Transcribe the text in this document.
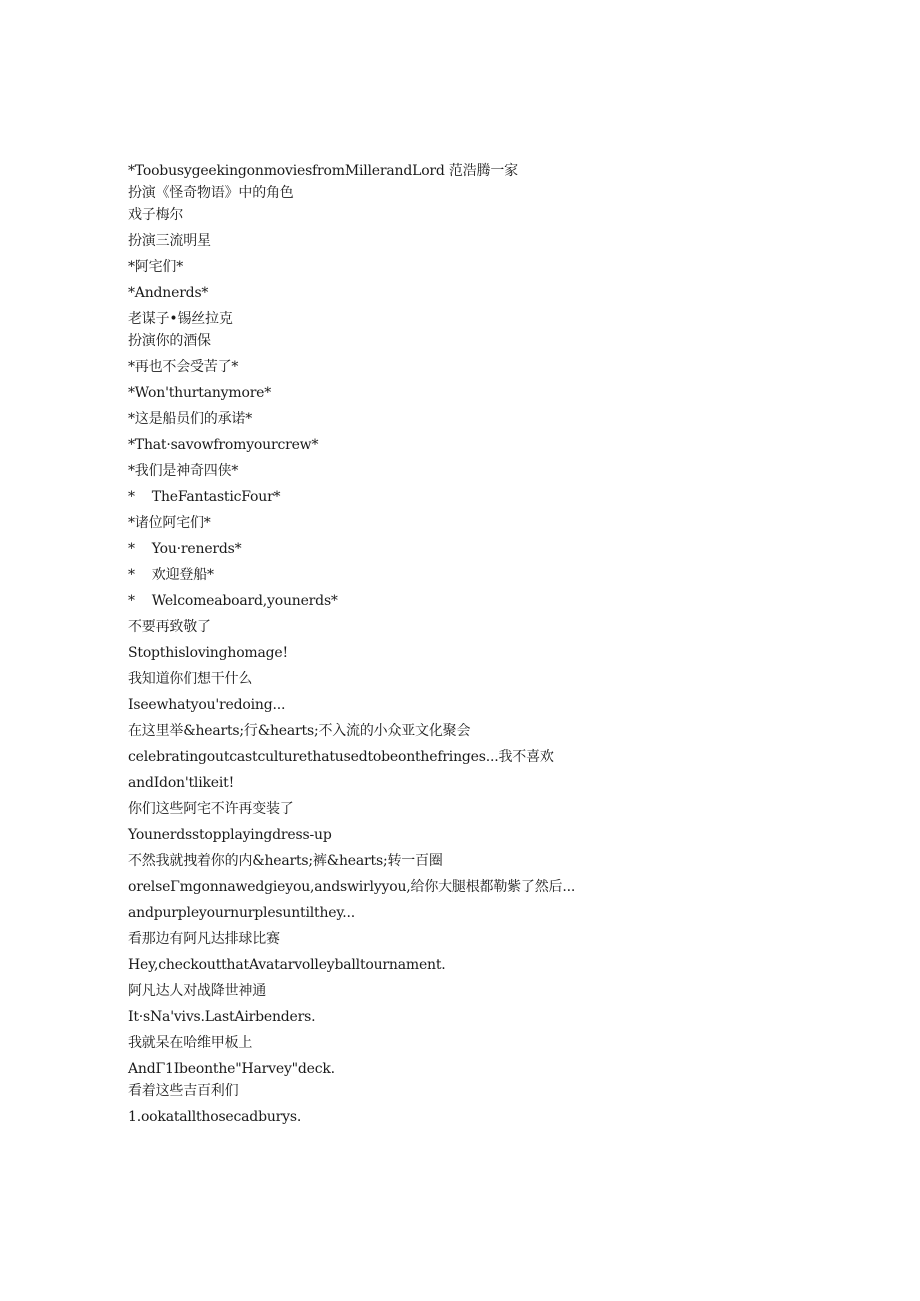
*ToobusygeekingonmoviesfromMillerandLord 范浩腾一家
扮演《怪奇物语》中的角色
戏子梅尔
扮演三流明星
*阿宅们*
*Andnerds*
老谋子•锡丝拉克
扮演你的酒保
*再也不会受苦了*
*Won'thurtanymore*
*这是船员们的承诺*
*That·savowfromyourcrew*
*我们是神奇四侠*
*    TheFantasticFour*
*诸位阿宅们*
*    You·renerds*
*    欢迎登船*
*    Welcomeaboard,younerds*
不要再致敬了
Stopthislovinghomage!
我知道你们想干什么
Iseewhatyou'redoing...
在这里举&hearts;行&hearts;不入流的小众亚文化聚会
celebratingoutcastculturethatusedtobeonthefringes...我不喜欢
andIdon'tlikeit!
你们这些阿宅不许再变装了
Younerdsstopplayingdress-up
不然我就拽着你的内&hearts;裤&hearts;转一百圈
orelseΓmgonnawedgieyou,andswirlyyou,给你大腿根都勒紫了然后...
andpurpleyournurplesuntilthey...
看那边有阿凡达排球比赛
Hey,checkoutthatAvatarvolleyballtournament.
阿凡达人对战降世神通
It·sNa'vivs.LastAirbenders.
我就呆在哈维甲板上
AndΓ1Ibeonthe"Harvey"deck.
看着这些吉百利们
1.ookatallthosecadburys.
